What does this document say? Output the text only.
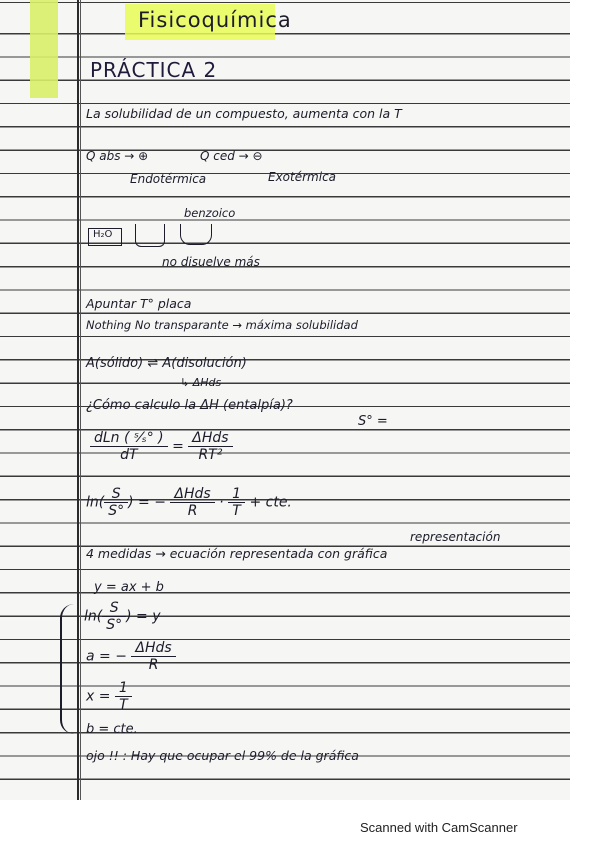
Fisicoquímica
PRÁCTICA 2
La solubilidad de un compuesto, aumenta con la T
Q abs → ⊕	Q ced → ⊖
Endotérmica	Exotérmica
benzoico
H₂O
no disuelve más
Apuntar T° placa
Nothing No transparante → máxima solubilidad
A(sólido) ⇌ A(disolución)
↳ ΔHds
¿Cómo calculo la ΔH (entalpía)?
S° =
$\frac{\text{dLn ( ˢ⁄ₛ° )}}{dT} = \frac{\text{ΔHds}}{\text{RT²}}$
$\ln( \frac{S}{S^\circ}$ ) = − $\frac{\text{ΔHds}}{R} \cdot \frac{1}{T}$ + cte.
representación
4 medidas → ecuación representada con gráfica
y = ax + b
$\ln( \frac{S}{S^\circ}$ ) = y
a = − $\frac{\text{ΔHds}}{R}$
$x = \frac{1}{T}$
b = cte.
ojo !! : Hay que ocupar el 99% de la gráfica
Scanned with CamScanner
